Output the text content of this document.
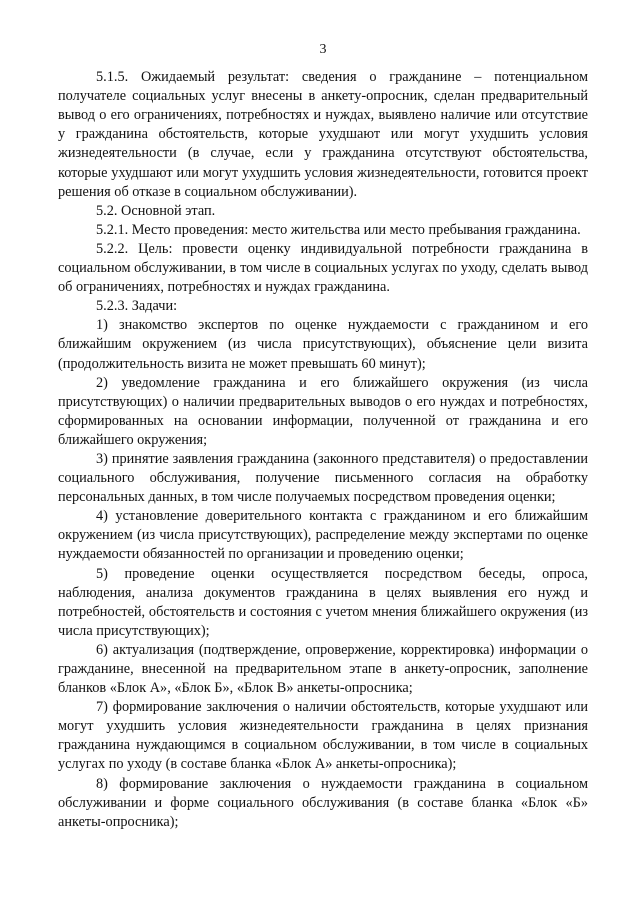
3

5.1.5. Ожидаемый результат: сведения о гражданине – потенциальном получателе социальных услуг внесены в анкету-опросник, сделан предварительный вывод о его ограничениях, потребностях и нуждах, выявлено наличие или отсутствие у гражданина обстоятельств, которые ухудшают или могут ухудшить условия жизнедеятельности (в случае, если у гражданина отсутствуют обстоятельства, которые ухудшают или могут ухудшить условия жизнедеятельности, готовится проект решения об отказе в социальном обслуживании).

5.2. Основной этап.

5.2.1. Место проведения: место жительства или место пребывания гражданина.

5.2.2. Цель: провести оценку индивидуальной потребности гражданина в социальном обслуживании, в том числе в социальных услугах по уходу, сделать вывод об ограничениях, потребностях и нуждах гражданина.

5.2.3. Задачи:

1) знакомство экспертов по оценке нуждаемости с гражданином и его ближайшим окружением (из числа присутствующих), объяснение цели визита (продолжительность визита не может превышать 60 минут);

2) уведомление гражданина и его ближайшего окружения (из числа присутствующих) о наличии предварительных выводов о его нуждах и потребностях, сформированных на основании информации, полученной от гражданина и его ближайшего окружения;

3) принятие заявления гражданина (законного представителя) о предоставлении социального обслуживания, получение письменного согласия на обработку персональных данных, в том числе получаемых посредством проведения оценки;

4) установление доверительного контакта с гражданином и его ближайшим окружением (из числа присутствующих), распределение между экспертами по оценке нуждаемости обязанностей по организации и проведению оценки;

5) проведение оценки осуществляется посредством беседы, опроса, наблюдения, анализа документов гражданина в целях выявления его нужд и потребностей, обстоятельств и состояния с учетом мнения ближайшего окружения (из числа присутствующих);

6) актуализация (подтверждение, опровержение, корректировка) информации о гражданине, внесенной на предварительном этапе в анкету-опросник, заполнение бланков «Блок А», «Блок Б», «Блок В» анкеты-опросника;

7) формирование заключения о наличии обстоятельств, которые ухудшают или могут ухудшить условия жизнедеятельности гражданина в целях признания гражданина нуждающимся в социальном обслуживании, в том числе в социальных услугах по уходу (в составе бланка «Блок А» анкеты-опросника);

8) формирование заключения о нуждаемости гражданина в социальном обслуживании и форме социального обслуживания (в составе бланка «Блок «Б» анкеты-опросника);
